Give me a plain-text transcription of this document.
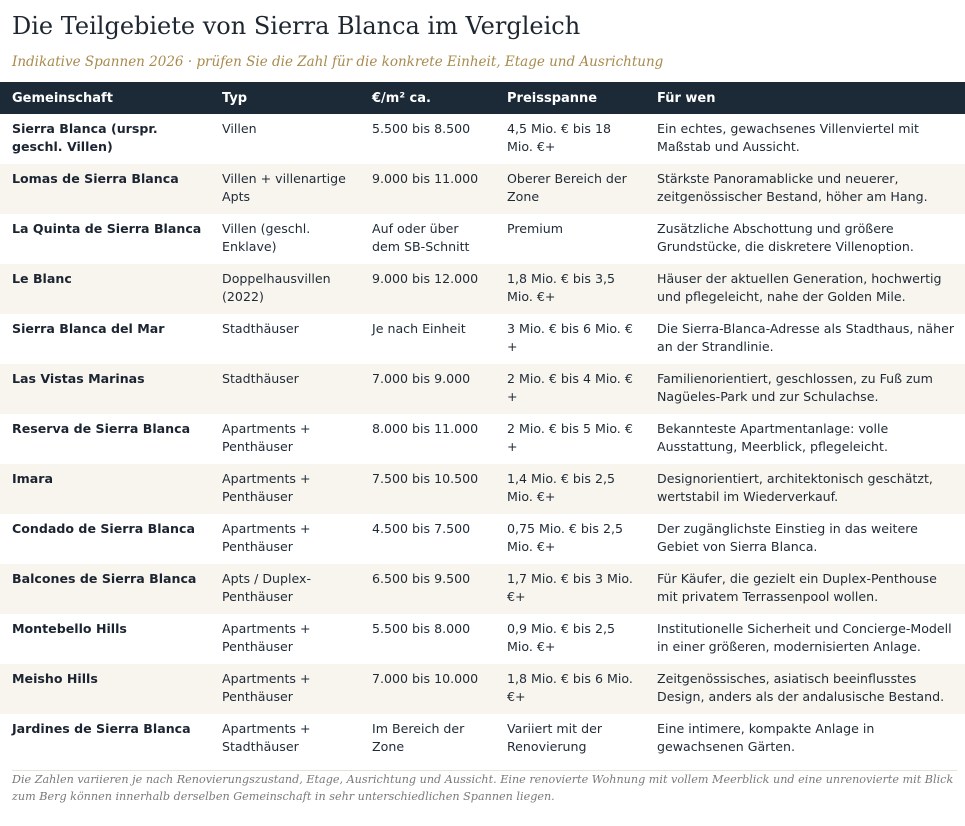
Die Teilgebiete von Sierra Blanca im Vergleich
Indikative Spannen 2026 · prüfen Sie die Zahl für die konkrete Einheit, Etage und Ausrichtung
Gemeinschaft	Typ	€/m² ca.	Preisspanne	Für wen
Sierra Blanca (urspr. geschl. Villen)	Villen	5.500 bis 8.500	4,5 Mio. € bis 18 Mio. €+	Ein echtes, gewachsenes Villenviertel mit Maßstab und Aussicht.
Lomas de Sierra Blanca	Villen + villenartige Apts	9.000 bis 11.000	Oberer Bereich der Zone	Stärkste Panoramablicke und neuerer, zeitgenössischer Bestand, höher am Hang.
La Quinta de Sierra Blanca	Villen (geschl. Enklave)	Auf oder über dem SB-Schnitt	Premium	Zusätzliche Abschottung und größere Grundstücke, die diskretere Villenoption.
Le Blanc	Doppelhausvillen (2022)	9.000 bis 12.000	1,8 Mio. € bis 3,5 Mio. €+	Häuser der aktuellen Generation, hochwertig und pflegeleicht, nahe der Golden Mile.
Sierra Blanca del Mar	Stadthäuser	Je nach Einheit	3 Mio. € bis 6 Mio. €+	Die Sierra-Blanca-Adresse als Stadthaus, näher an der Strandlinie.
Las Vistas Marinas	Stadthäuser	7.000 bis 9.000	2 Mio. € bis 4 Mio. €+	Familienorientiert, geschlossen, zu Fuß zum Nagüeles-Park und zur Schulachse.
Reserva de Sierra Blanca	Apartments + Penthäuser	8.000 bis 11.000	2 Mio. € bis 5 Mio. €+	Bekannteste Apartmentanlage: volle Ausstattung, Meerblick, pflegeleicht.
Imara	Apartments + Penthäuser	7.500 bis 10.500	1,4 Mio. € bis 2,5 Mio. €+	Designorientiert, architektonisch geschätzt, wertstabil im Wiederverkauf.
Condado de Sierra Blanca	Apartments + Penthäuser	4.500 bis 7.500	0,75 Mio. € bis 2,5 Mio. €+	Der zugänglichste Einstieg in das weitere Gebiet von Sierra Blanca.
Balcones de Sierra Blanca	Apts / Duplex-Penthäuser	6.500 bis 9.500	1,7 Mio. € bis 3 Mio. €+	Für Käufer, die gezielt ein Duplex-Penthouse mit privatem Terrassenpool wollen.
Montebello Hills	Apartments + Penthäuser	5.500 bis 8.000	0,9 Mio. € bis 2,5 Mio. €+	Institutionelle Sicherheit und Concierge-Modell in einer größeren, modernisierten Anlage.
Meisho Hills	Apartments + Penthäuser	7.000 bis 10.000	1,8 Mio. € bis 6 Mio. €+	Zeitgenössisches, asiatisch beeinflusstes Design, anders als der andalusische Bestand.
Jardines de Sierra Blanca	Apartments + Stadthäuser	Im Bereich der Zone	Variiert mit der Renovierung	Eine intimere, kompakte Anlage in gewachsenen Gärten.
Die Zahlen variieren je nach Renovierungszustand, Etage, Ausrichtung und Aussicht. Eine renovierte Wohnung mit vollem Meerblick und eine unrenovierte mit Blick zum Berg können innerhalb derselben Gemeinschaft in sehr unterschiedlichen Spannen liegen.
